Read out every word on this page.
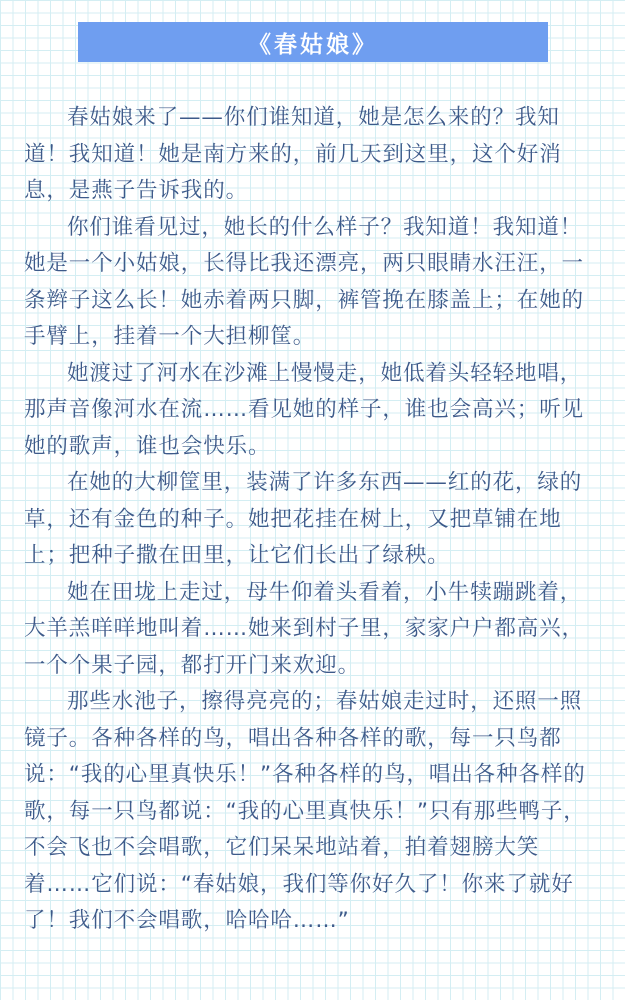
《春姑娘》

春姑娘来了——你们谁知道，她是怎么来的？我知道！我知道！她是南方来的，前几天到这里，这个好消息，是燕子告诉我的。

你们谁看见过，她长的什么样子？我知道！我知道！她是一个小姑娘，长得比我还漂亮，两只眼睛水汪汪，一条辫子这么长！她赤着两只脚，裤管挽在膝盖上；在她的手臂上，挂着一个大担柳筐。

她渡过了河水在沙滩上慢慢走，她低着头轻轻地唱，那声音像河水在流……看见她的样子，谁也会高兴；听见她的歌声，谁也会快乐。

在她的大柳筐里，装满了许多东西——红的花，绿的草，还有金色的种子。她把花挂在树上，又把草铺在地上；把种子撒在田里，让它们长出了绿秧。

她在田垅上走过，母牛仰着头看着，小牛犊蹦跳着，大羊羔咩咩地叫着……她来到村子里，家家户户都高兴，一个个果子园，都打开门来欢迎。

那些水池子，擦得亮亮的；春姑娘走过时，还照一照镜子。各种各样的鸟，唱出各种各样的歌，每一只鸟都说：“我的心里真快乐！”各种各样的鸟，唱出各种各样的歌，每一只鸟都说：“我的心里真快乐！”只有那些鸭子，不会飞也不会唱歌，它们呆呆地站着，拍着翅膀大笑着……它们说：“春姑娘，我们等你好久了！你来了就好了！我们不会唱歌，哈哈哈……”
